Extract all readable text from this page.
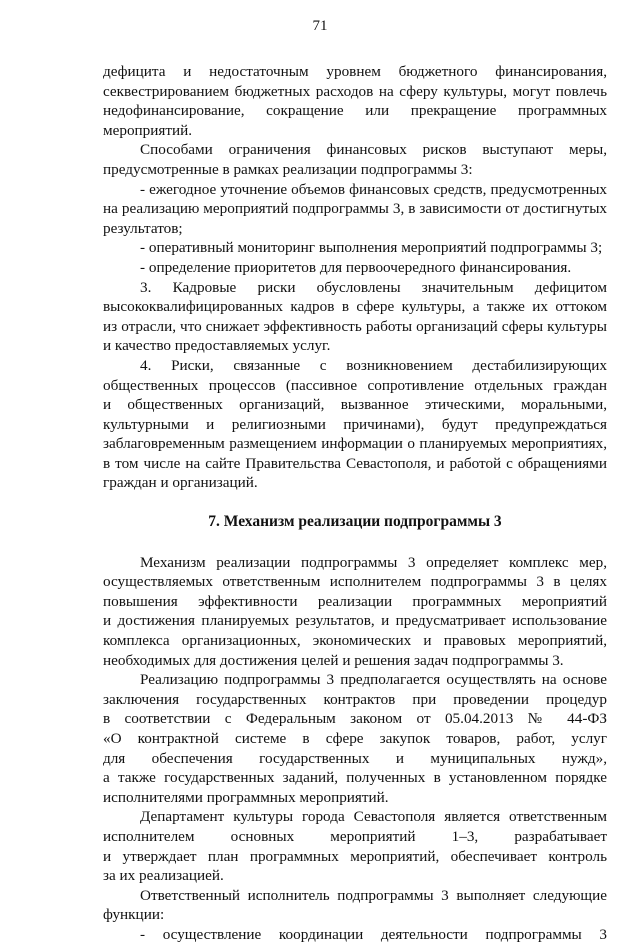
71

дефицита и недостаточным уровнем бюджетного финансирования,

секвестрированием бюджетных расходов на сферу культуры, могут повлечь

недофинансирование, сокращение или прекращение программных

мероприятий.

Способами ограничения финансовых рисков выступают меры,

предусмотренные в рамках реализации подпрограммы 3:

- ежегодное уточнение объемов финансовых средств, предусмотренных

на реализацию мероприятий подпрограммы 3, в зависимости от достигнутых

результатов;

- оперативный мониторинг выполнения мероприятий подпрограммы 3;

- определение приоритетов для первоочередного финансирования.

3. Кадровые риски обусловлены значительным дефицитом

высококвалифицированных кадров в сфере культуры, а также их оттоком

из отрасли, что снижает эффективность работы организаций сферы культуры

и качество предоставляемых услуг.

4. Риски, связанные с возникновением дестабилизирующих

общественных процессов (пассивное сопротивление отдельных граждан

и общественных организаций, вызванное этическими, моральными,

культурными и религиозными причинами), будут предупреждаться

заблаговременным размещением информации о планируемых мероприятиях,

в том числе на сайте Правительства Севастополя, и работой с обращениями

граждан и организаций.

7. Механизм реализации подпрограммы 3

Механизм реализации подпрограммы 3 определяет комплекс мер,

осуществляемых ответственным исполнителем подпрограммы 3 в целях

повышения эффективности реализации программных мероприятий

и достижения планируемых результатов, и предусматривает использование

комплекса организационных, экономических и правовых мероприятий,

необходимых для достижения целей и решения задач подпрограммы 3.

Реализацию подпрограммы 3 предполагается осуществлять на основе

заключения государственных контрактов при проведении процедур

в соответствии с Федеральным законом от 05.04.2013 № 44-ФЗ

«О контрактной системе в сфере закупок товаров, работ, услуг

для обеспечения государственных и муниципальных нужд»,

а также государственных заданий, полученных в установленном порядке

исполнителями программных мероприятий.

Департамент культуры города Севастополя является ответственным

исполнителем основных мероприятий 1–3, разрабатывает

и утверждает план программных мероприятий, обеспечивает контроль

за их реализацией.

Ответственный исполнитель подпрограммы 3 выполняет следующие

функции:

- осуществление координации деятельности подпрограммы 3
